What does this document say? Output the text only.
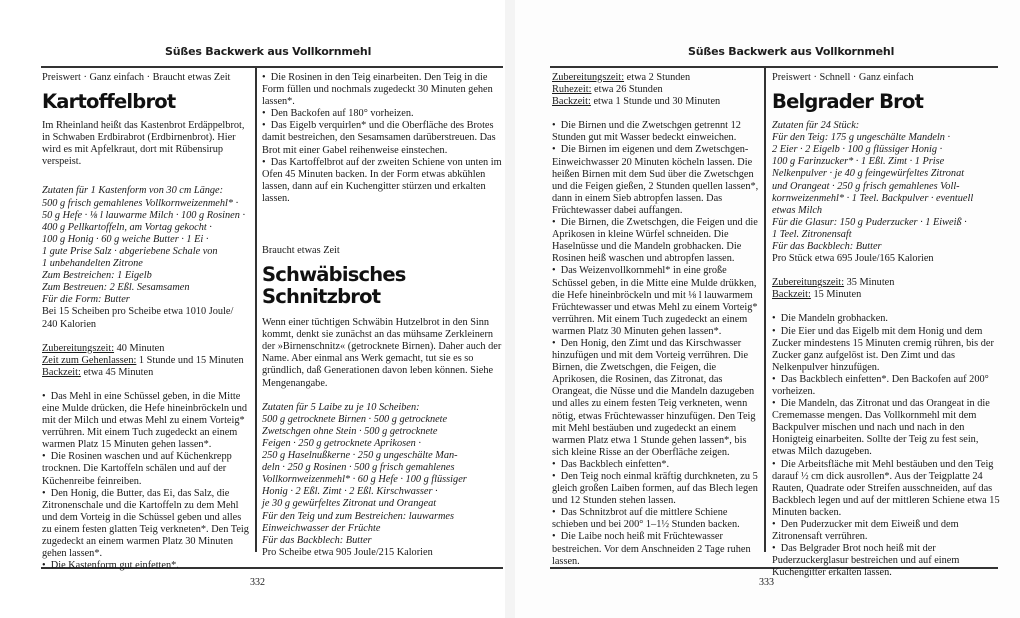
Süßes Backwerk aus Vollkornmehl

Preiswert · Ganz einfach · Braucht etwas Zeit

Kartoffelbrot

Im Rheinland heißt das Kastenbrot Erdäppelbrot, in Schwaben Erdbirabrot (Erdbirnenbrot). Hier wird es mit Apfelkraut, dort mit Rübensirup verspeist.

Zutaten für 1 Kastenform von 30 cm Länge:

500 g frisch gemahlenes Vollkornweizenmehl* ·

50 g Hefe · ⅛ l lauwarme Milch · 100 g Rosinen ·

400 g Pellkartoffeln, am Vortag gekocht ·

100 g Honig · 60 g weiche Butter · 1 Ei ·

1 gute Prise Salz · abgeriebene Schale von

1 unbehandelten Zitrone

Zum Bestreichen: 1 Eigelb

Zum Bestreuen: 2 Eßl. Sesamsamen

Für die Form: Butter

Bei 15 Scheiben pro Scheibe etwa 1010 Joule/ 240 Kalorien

Zubereitungszeit: 40 Minuten

Zeit zum Gehenlassen: 1 Stunde und 15 Minuten

Backzeit: etwa 45 Minuten

•  Das Mehl in eine Schüssel geben, in die Mitte eine Mulde drücken, die Hefe hineinbröckeln und mit der Milch und etwas Mehl zu einem Vorteig* verrühren. Mit einem Tuch zugedeckt an einem warmen Platz 15 Minuten gehen lassen*.

•  Die Rosinen waschen und auf Küchenkrepp trocknen. Die Kartoffeln schälen und auf der Küchenreibe feinreiben.

•  Den Honig, die Butter, das Ei, das Salz, die Zitronenschale und die Kartoffeln zu dem Mehl und dem Vorteig in die Schüssel geben und alles zu einem festen glatten Teig verkneten*. Den Teig zugedeckt an einem warmen Platz 30 Minuten gehen lassen*.

•  Die Kastenform gut einfetten*.

•  Die Rosinen in den Teig einarbeiten. Den Teig in die Form füllen und nochmals zugedeckt 30 Minuten gehen lassen*.

•  Den Backofen auf 180° vorheizen.

•  Das Eigelb verquirlen* und die Oberfläche des Brotes damit bestreichen, den Sesamsamen darüberstreuen. Das Brot mit einer Gabel reihenweise einstechen.

•  Das Kartoffelbrot auf der zweiten Schiene von unten im Ofen 45 Minuten backen. In der Form etwas abkühlen lassen, dann auf ein Kuchengitter stürzen und erkalten lassen.

Braucht etwas Zeit

Schwäbisches
Schnitzbrot

Wenn einer tüchtigen Schwäbin Hutzelbrot in den Sinn kommt, denkt sie zunächst an das mühsame Zerkleinern der »Birnenschnitz« (getrocknete Birnen). Daher auch der Name. Aber einmal ans Werk gemacht, tut sie es so gründlich, daß Generationen davon leben können. Siehe Mengenangabe.

Zutaten für 5 Laibe zu je 10 Scheiben:

500 g getrocknete Birnen · 500 g getrocknete

Zwetschgen ohne Stein · 500 g getrocknete

Feigen · 250 g getrocknete Aprikosen ·

250 g Haselnußkerne · 250 g ungeschälte Man-

deln · 250 g Rosinen · 500 g frisch gemahlenes

Vollkornweizenmehl* · 60 g Hefe · 100 g flüssiger

Honig · 2 Eßl. Zimt · 2 Eßl. Kirschwasser ·

je 30 g gewürfeltes Zitronat und Orangeat

Für den Teig und zum Bestreichen: lauwarmes

Einweichwasser der Früchte

Für das Backblech: Butter

Pro Scheibe etwa 905 Joule/215 Kalorien

332
Süßes Backwerk aus Vollkornmehl

Zubereitungszeit: etwa 2 Stunden

Ruhezeit: etwa 26 Stunden

Backzeit: etwa 1 Stunde und 30 Minuten

•  Die Birnen und die Zwetschgen getrennt 12 Stunden gut mit Wasser bedeckt einweichen.

•  Die Birnen im eigenen und dem Zwetschgen-Einweichwasser 20 Minuten köcheln lassen. Die heißen Birnen mit dem Sud über die Zwetschgen und die Feigen gießen, 2 Stunden quellen lassen*, dann in einem Sieb abtropfen lassen. Das Früchtewasser dabei auffangen.

•  Die Birnen, die Zwetschgen, die Feigen und die Aprikosen in kleine Würfel schneiden. Die Haselnüsse und die Mandeln grobhacken. Die Rosinen heiß waschen und abtropfen lassen.

•  Das Weizenvollkornmehl* in eine große Schüssel geben, in die Mitte eine Mulde drükken, die Hefe hineinbröckeln und mit ⅛ l lauwarmem Früchtewasser und etwas Mehl zu einem Vorteig* verrühren. Mit einem Tuch zugedeckt an einem warmen Platz 30 Minuten gehen lassen*.

•  Den Honig, den Zimt und das Kirschwasser hinzufügen und mit dem Vorteig verrühren. Die Birnen, die Zwetschgen, die Feigen, die Aprikosen, die Rosinen, das Zitronat, das Orangeat, die Nüsse und die Mandeln dazugeben und alles zu einem festen Teig verkneten, wenn nötig, etwas Früchtewasser hinzufügen. Den Teig mit Mehl bestäuben und zugedeckt an einem warmen Platz etwa 1 Stunde gehen lassen*, bis sich kleine Risse an der Oberfläche zeigen.

•  Das Backblech einfetten*.

•  Den Teig noch einmal kräftig durchkneten, zu 5 gleich großen Laiben formen, auf das Blech legen und 12 Stunden stehen lassen.

•  Das Schnitzbrot auf die mittlere Schiene schieben und bei 200° 1–1½ Stunden backen.

•  Die Laibe noch heiß mit Früchtewasser bestreichen. Vor dem Anschneiden 2 Tage ruhen lassen.

Preiswert · Schnell · Ganz einfach

Belgrader Brot

Zutaten für 24 Stück:

Für den Teig: 175 g ungeschälte Mandeln ·

2 Eier · 2 Eigelb · 100 g flüssiger Honig ·

100 g Farinzucker* · 1 Eßl. Zimt · 1 Prise

Nelkenpulver · je 40 g feingewürfeltes Zitronat

und Orangeat · 250 g frisch gemahlenes Voll-

kornweizenmehl* · 1 Teel. Backpulver · eventuell

etwas Milch

Für die Glasur: 150 g Puderzucker · 1 Eiweiß ·

1 Teel. Zitronensaft

Für das Backblech: Butter

Pro Stück etwa 695 Joule/165 Kalorien

Zubereitungszeit: 35 Minuten

Backzeit: 15 Minuten

•  Die Mandeln grobhacken.

•  Die Eier und das Eigelb mit dem Honig und dem Zucker mindestens 15 Minuten cremig rühren, bis der Zucker ganz aufgelöst ist. Den Zimt und das Nelkenpulver hinzufügen.

•  Das Backblech einfetten*. Den Backofen auf 200° vorheizen.

•  Die Mandeln, das Zitronat und das Orangeat in die Crememasse mengen. Das Vollkornmehl mit dem Backpulver mischen und nach und nach in den Honigteig einarbeiten. Sollte der Teig zu fest sein, etwas Milch dazugeben.

•  Die Arbeitsfläche mit Mehl bestäuben und den Teig darauf ½ cm dick ausrollen*. Aus der Teigplatte 24 Rauten, Quadrate oder Streifen ausschneiden, auf das Backblech legen und auf der mittleren Schiene etwa 15 Minuten backen.

•  Den Puderzucker mit dem Eiweiß und dem Zitronensaft verrühren.

•  Das Belgrader Brot noch heiß mit der Puderzuckerglasur bestreichen und auf einem Kuchengitter erkalten lassen.

333
